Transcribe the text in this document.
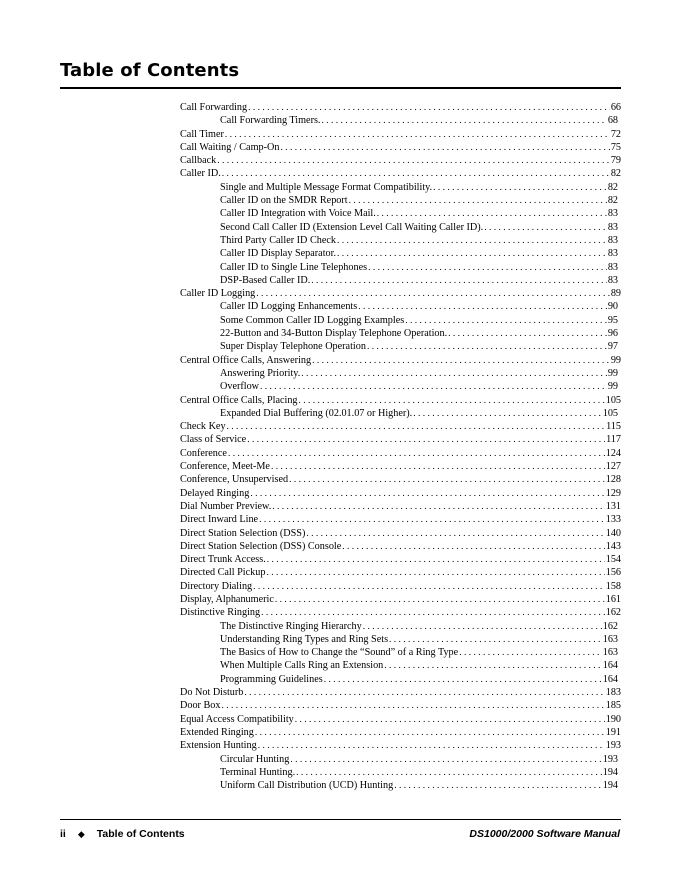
Table of Contents
Call Forwarding . . .	66
Call Forwarding Timers. . . .	68
Call Timer . . .	72
Call Waiting / Camp-On . . .	75
Callback . . .	79
Caller ID. . . .	82
Single and Multiple Message Format Compatibility. . . .	82
Caller ID on the SMDR Report . . .	82
Caller ID Integration with Voice Mail. . . .	83
Second Call Caller ID (Extension Level Call Waiting Caller ID). . . .	83
Third Party Caller ID Check . . .	83
Caller ID Display Separator. . . .	83
Caller ID to Single Line Telephones . . .	83
DSP-Based Caller ID. . . .	83
Caller ID Logging . . .	89
Caller ID Logging Enhancements . . .	90
Some Common Caller ID Logging Examples . . .	95
22-Button and 34-Button Display Telephone Operation. . . .	96
Super Display Telephone Operation . . .	97
Central Office Calls, Answering . . .	99
Answering Priority. . . .	99
Overflow . . .	99
Central Office Calls, Placing . . .	105
Expanded Dial Buffering (02.01.07 or Higher). . . .	105
Check Key . . .	115
Class of Service . . .	117
Conference . . .	124
Conference, Meet-Me . . .	127
Conference, Unsupervised . . .	128
Delayed Ringing . . .	129
Dial Number Preview. . . .	131
Direct Inward Line . . .	133
Direct Station Selection (DSS) . . .	140
Direct Station Selection (DSS) Console . . .	143
Direct Trunk Access. . . .	154
Directed Call Pickup . . .	156
Directory Dialing . . .	158
Display, Alphanumeric . . .	161
Distinctive Ringing . . .	162
The Distinctive Ringing Hierarchy . . .	162
Understanding Ring Types and Ring Sets . . .	163
The Basics of How to Change the “Sound” of a Ring Type . . .	163
When Multiple Calls Ring an Extension . . .	164
Programming Guidelines . . .	164
Do Not Disturb . . .	183
Door Box . . .	185
Equal Access Compatibility . . .	190
Extended Ringing . . .	191
Extension Hunting . . .	193
Circular Hunting . . .	193
Terminal Hunting. . . .	194
Uniform Call Distribution (UCD) Hunting . . .	194
ii ◆ Table of Contents	DS1000/2000 Software Manual
